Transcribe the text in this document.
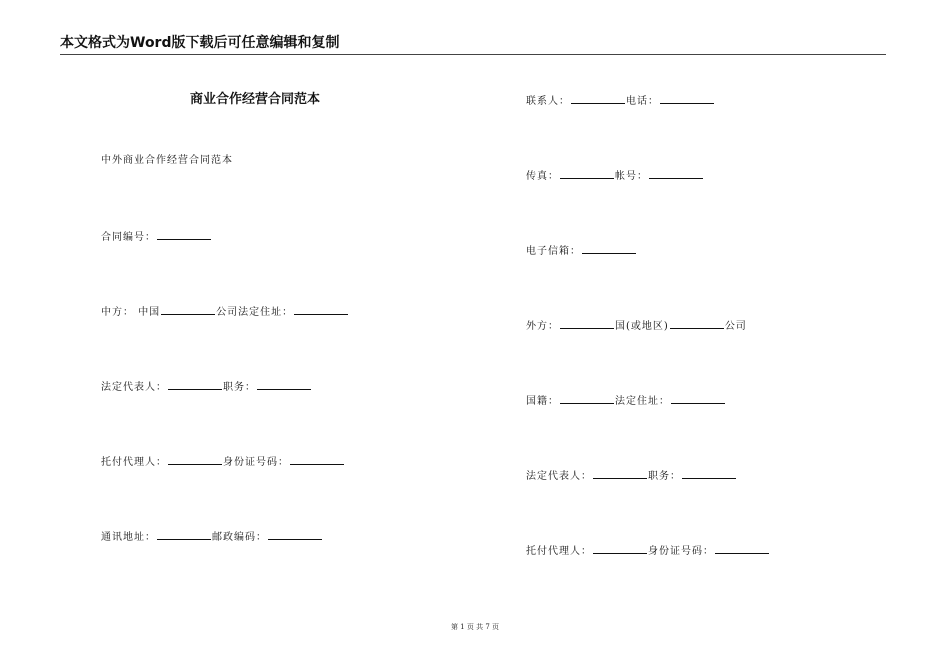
本文格式为Word版下载后可任意编辑和复制
商业合作经营合同范本
中外商业合作经营合同范本
合同编号：
中方： 中国	公司法定住址：
法定代表人：	职务：
托付代理人：	身份证号码：
通讯地址：	邮政编码：
联系人：	电话：
传真：	帐号：
电子信箱：
外方：	国(或地区)	公司
国籍：	法定住址：
法定代表人：	职务：
托付代理人：	身份证号码：
第 1 页 共 7 页
